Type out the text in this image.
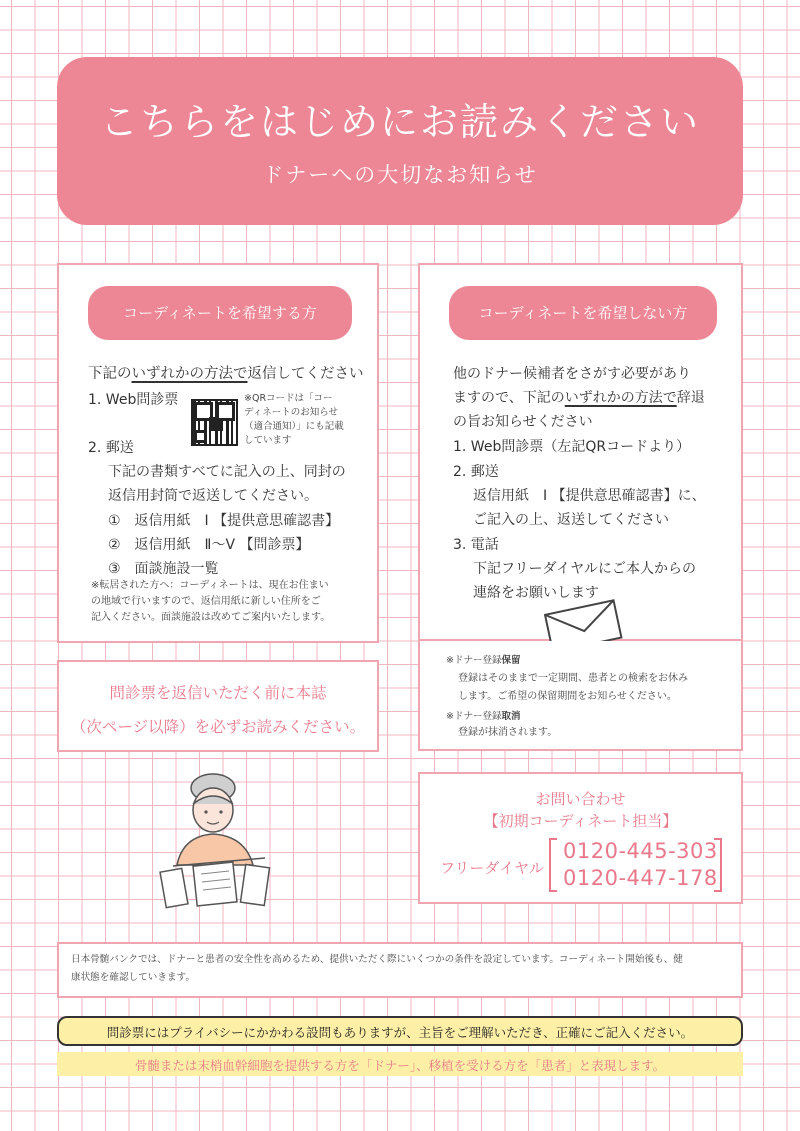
こちらをはじめにお読みください
ドナーへの大切なお知らせ
コーディネートを希望する方
下記のいずれかの方法で返信してください
1. Web問診票	※QRコードは「コー
ディネートのお知らせ
（適合通知）」にも記載
しています
2. 郵送
下記の書類すべてに記入の上、同封の
返信用封筒で返送してください。
①　返信用紙　Ⅰ 【提供意思確認書】
②　返信用紙　Ⅱ～Ⅴ 【問診票】
③　面談施設一覧
※転居された方へ：コーディネートは、現在お住まい
の地域で行いますので、返信用紙に新しい住所をご
記入ください。面談施設は改めてご案内いたします。
コーディネートを希望しない方
他のドナー候補者をさがす必要があり
ますので、下記のいずれかの方法で辞退
の旨お知らせください
1. Web問診票（左記QRコードより）
2. 郵送
返信用紙　Ⅰ 【提供意思確認書】に、
ご記入の上、返送してください
3. 電話
下記フリーダイヤルにご本人からの
連絡をお願いします
問診票を返信いただく前に本誌
（次ページ以降）を必ずお読みください。
※ドナー登録保留
登録はそのままで一定期間、患者との検索をお休み
します。ご希望の保留期間をお知らせください。
※ドナー登録取消
登録が抹消されます。
お問い合わせ
【初期コーディネート担当】
フリーダイヤル
0120-445-303
0120-447-178
日本骨髄バンクでは、ドナーと患者の安全性を高めるため、提供いただく際にいくつかの条件を設定しています。コーディネート開始後も、健
康状態を確認していきます。
問診票にはプライバシーにかかわる設問もありますが、主旨をご理解いただき、正確にご記入ください。
骨髄または末梢血幹細胞を提供する方を「ドナー」、移植を受ける方を「患者」と表現します。
